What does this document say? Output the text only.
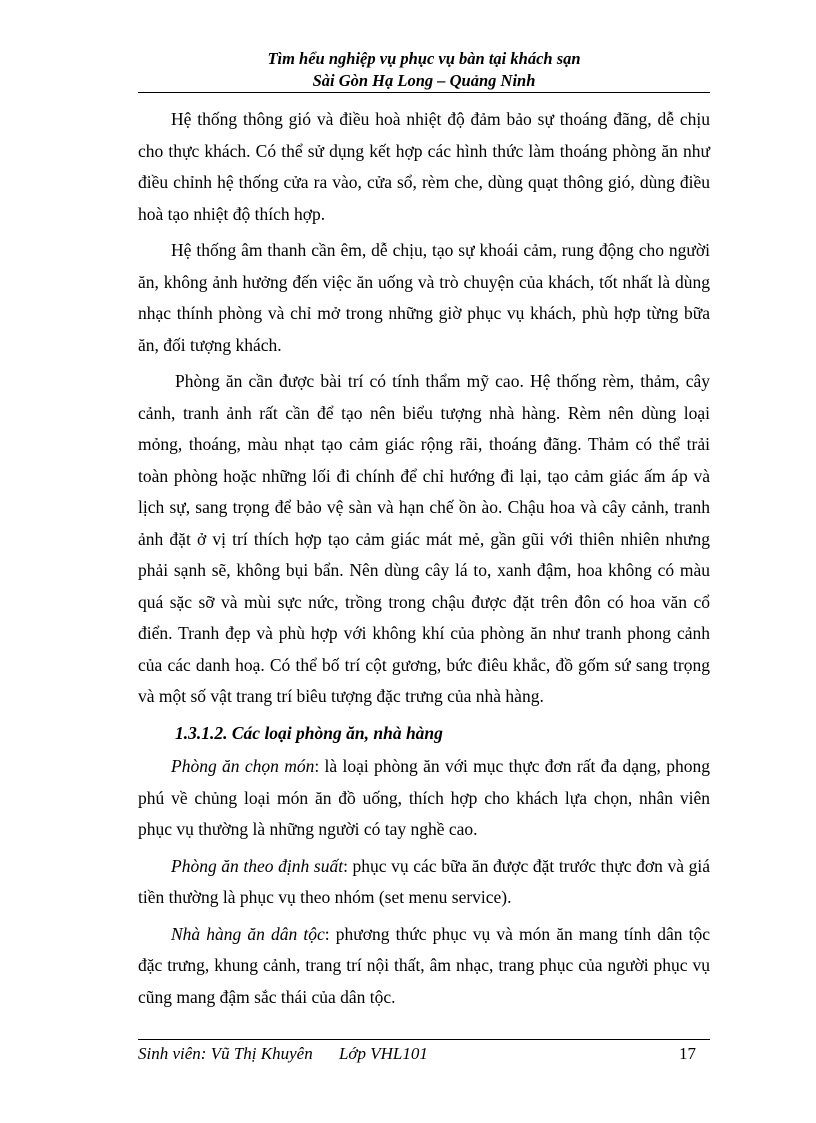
Tìm hểu nghiệp vụ phục vụ bàn tại khách sạn
Sài Gòn Hạ Long – Quảng Ninh

Hệ thống thông gió và điều hoà nhiệt độ đảm bảo sự thoáng đãng, dễ chịu cho thực khách. Có thể sử dụng kết hợp các hình thức làm thoáng phòng ăn như điều chỉnh hệ thống cửa ra vào, cửa sổ, rèm che, dùng quạt thông gió, dùng điều hoà tạo nhiệt độ thích hợp.

Hệ thống âm thanh cần êm, dễ chịu, tạo sự khoái cảm, rung động cho người ăn, không ảnh hưởng đến việc ăn uống và trò chuyện của khách, tốt nhất là dùng nhạc thính phòng và chỉ mở trong những giờ phục vụ khách, phù hợp từng bữa ăn, đối tượng khách.

Phòng ăn cần được bài trí có tính thẩm mỹ cao. Hệ thống rèm, thảm, cây cảnh, tranh ảnh rất cần để tạo nên biểu tượng nhà hàng. Rèm nên dùng loại mỏng, thoáng, màu nhạt tạo cảm giác rộng rãi, thoáng đãng. Thảm có thể trải toàn phòng hoặc những lối đi chính để chỉ hướng đi lại, tạo cảm giác ấm áp và lịch sự, sang trọng để bảo vệ sàn và hạn chế ồn ào. Chậu hoa và cây cảnh, tranh ảnh đặt ở vị trí thích hợp tạo cảm giác mát mẻ, gần gũi với thiên nhiên nhưng phải sạnh sẽ, không bụi bẩn. Nên dùng cây lá to, xanh đậm, hoa không có màu quá sặc sỡ và mùi sực nức, trồng trong chậu được đặt trên đôn có hoa văn cổ điển. Tranh đẹp và phù hợp với không khí của phòng ăn như tranh phong cảnh của các danh hoạ. Có thể bố trí cột gương, bức điêu khắc, đồ gốm sứ sang trọng và một số vật trang trí biêu tượng đặc trưng của nhà hàng.

1.3.1.2. Các loại phòng ăn, nhà hàng

Phòng ăn chọn món: là loại phòng ăn với mục thực đơn rất đa dạng, phong phú về chủng loại món ăn đồ uống, thích hợp cho khách lựa chọn, nhân viên phục vụ thường là những người có tay nghề cao.

Phòng ăn theo định suất: phục vụ các bữa ăn được đặt trước thực đơn và giá tiền thường là phục vụ theo nhóm (set menu service).

Nhà hàng ăn dân tộc: phương thức phục vụ và món ăn mang tính dân tộc đặc trưng, khung cảnh, trang trí nội thất, âm nhạc, trang phục của người phục vụ cũng mang đậm sắc thái của dân tộc.

Sinh viên: Vũ Thị Khuyên Lớp VHL101	17
